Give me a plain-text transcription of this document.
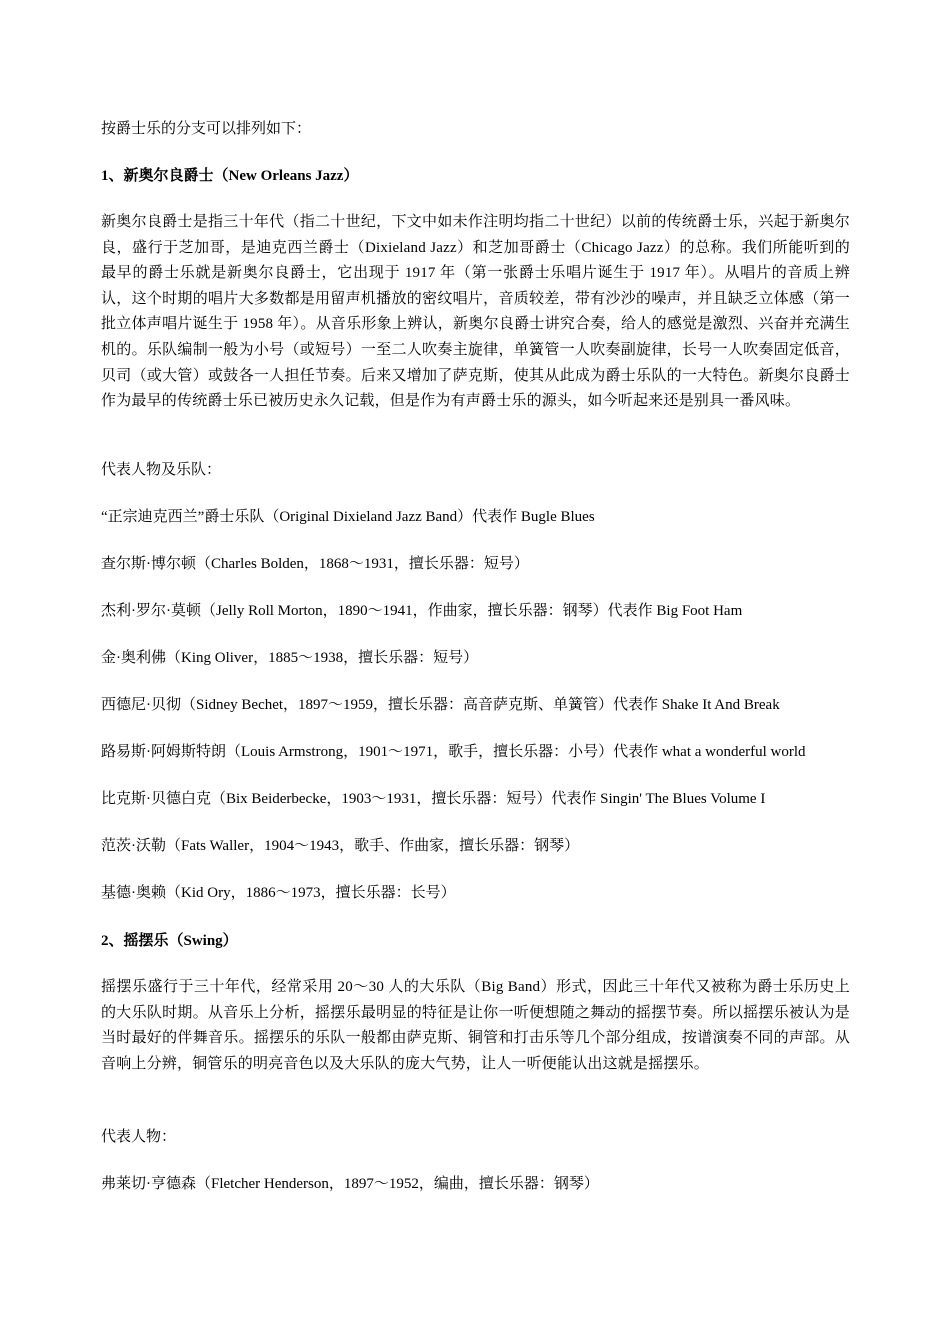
按爵士乐的分支可以排列如下：
1、新奥尔良爵士（New Orleans Jazz）
新奥尔良爵士是指三十年代（指二十世纪，下文中如未作注明均指二十世纪）以前的传统爵士乐，兴起于新奥尔良，盛行于芝加哥，是迪克西兰爵士（Dixieland Jazz）和芝加哥爵士（Chicago Jazz）的总称。我们所能听到的最早的爵士乐就是新奥尔良爵士，它出现于 1917 年（第一张爵士乐唱片诞生于 1917 年）。从唱片的音质上辨认，这个时期的唱片大多数都是用留声机播放的密纹唱片，音质较差，带有沙沙的噪声，并且缺乏立体感（第一批立体声唱片诞生于 1958 年）。从音乐形象上辨认，新奥尔良爵士讲究合奏，给人的感觉是激烈、兴奋并充满生机的。乐队编制一般为小号（或短号）一至二人吹奏主旋律，单簧管一人吹奏副旋律，长号一人吹奏固定低音，贝司（或大管）或鼓各一人担任节奏。后来又增加了萨克斯，使其从此成为爵士乐队的一大特色。新奥尔良爵士作为最早的传统爵士乐已被历史永久记载，但是作为有声爵士乐的源头，如今听起来还是别具一番风味。
代表人物及乐队：
“正宗迪克西兰”爵士乐队（Original Dixieland Jazz Band）代表作 Bugle Blues
查尔斯·博尔顿（Charles Bolden，1868～1931，擅长乐器：短号）
杰利·罗尔·莫顿（Jelly Roll Morton，1890～1941，作曲家，擅长乐器：钢琴）代表作 Big Foot Ham
金·奥利佛（King Oliver，1885～1938，擅长乐器：短号）
西德尼·贝彻（Sidney Bechet，1897～1959，擅长乐器：高音萨克斯、单簧管）代表作 Shake It And Break
路易斯·阿姆斯特朗（Louis Armstrong，1901～1971，歌手，擅长乐器：小号）代表作 what a wonderful world
比克斯·贝德白克（Bix Beiderbecke，1903～1931，擅长乐器：短号）代表作 Singin' The Blues Volume I
范茨·沃勒（Fats Waller，1904～1943，歌手、作曲家，擅长乐器：钢琴）
基德·奥赖（Kid Ory，1886～1973，擅长乐器：长号）
2、摇摆乐（Swing）
摇摆乐盛行于三十年代，经常采用 20～30 人的大乐队（Big Band）形式，因此三十年代又被称为爵士乐历史上的大乐队时期。从音乐上分析，摇摆乐最明显的特征是让你一听便想随之舞动的摇摆节奏。所以摇摆乐被认为是当时最好的伴舞音乐。摇摆乐的乐队一般都由萨克斯、铜管和打击乐等几个部分组成，按谱演奏不同的声部。从音响上分辨，铜管乐的明亮音色以及大乐队的庞大气势，让人一听便能认出这就是摇摆乐。
代表人物：
弗莱切·亨德森（Fletcher Henderson，1897～1952，编曲，擅长乐器：钢琴）
